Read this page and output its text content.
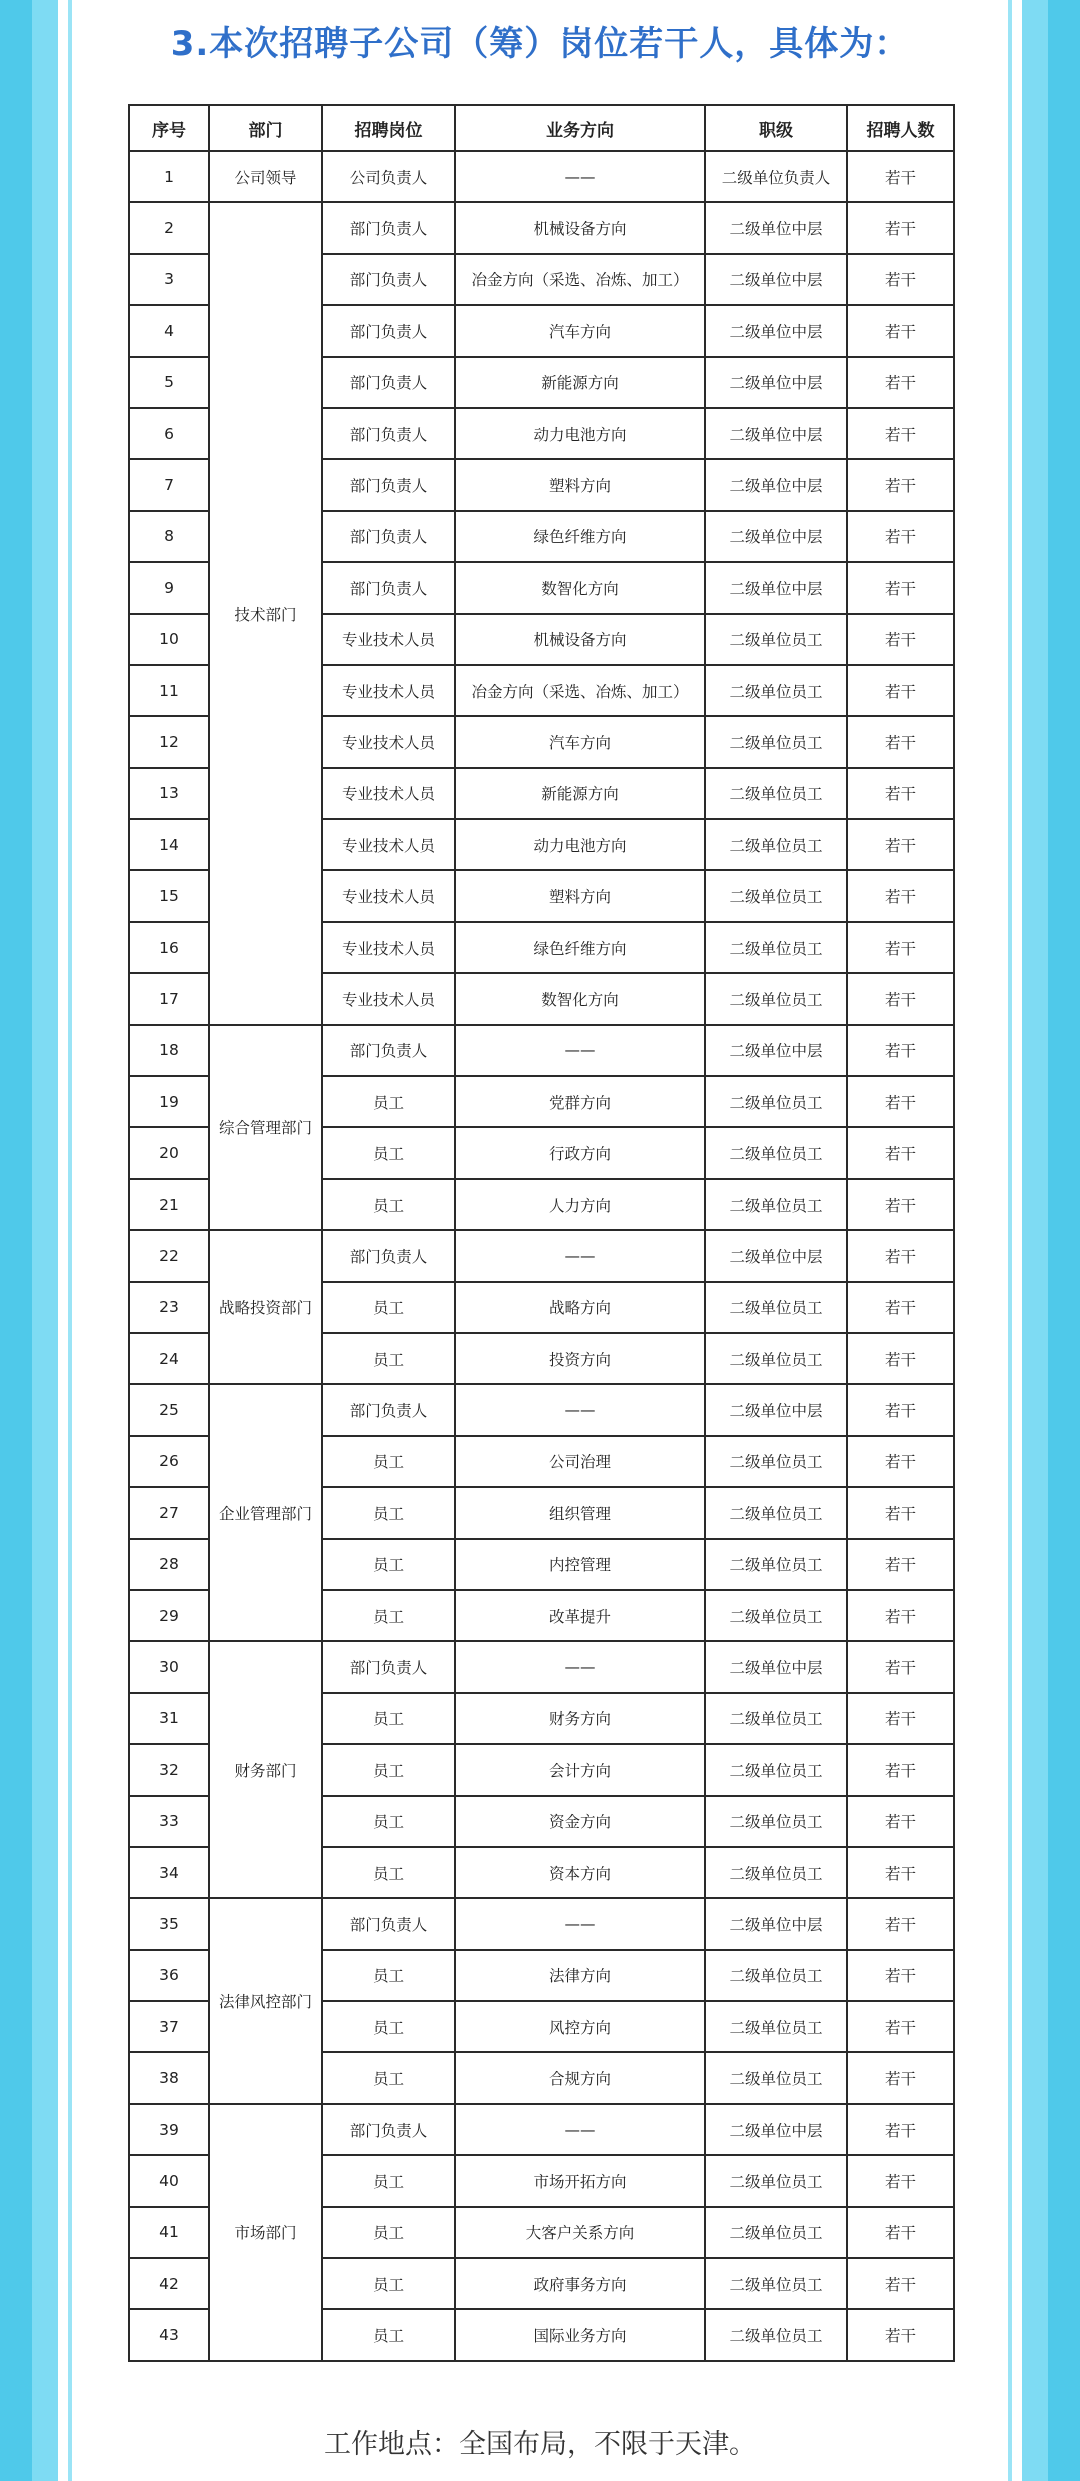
3.本次招聘子公司（筹）岗位若干人，具体为：
序号	部门	招聘岗位	业务方向	职级	招聘人数
1	公司领导	公司负责人	——	二级单位负责人	若干
2	技术部门	部门负责人	机械设备方向	二级单位中层	若干
3		部门负责人	冶金方向（采选、冶炼、加工）	二级单位中层	若干
4		部门负责人	汽车方向	二级单位中层	若干
5		部门负责人	新能源方向	二级单位中层	若干
6		部门负责人	动力电池方向	二级单位中层	若干
7		部门负责人	塑料方向	二级单位中层	若干
8		部门负责人	绿色纤维方向	二级单位中层	若干
9		部门负责人	数智化方向	二级单位中层	若干
10		专业技术人员	机械设备方向	二级单位员工	若干
11		专业技术人员	冶金方向（采选、冶炼、加工）	二级单位员工	若干
12		专业技术人员	汽车方向	二级单位员工	若干
13		专业技术人员	新能源方向	二级单位员工	若干
14		专业技术人员	动力电池方向	二级单位员工	若干
15		专业技术人员	塑料方向	二级单位员工	若干
16		专业技术人员	绿色纤维方向	二级单位员工	若干
17		专业技术人员	数智化方向	二级单位员工	若干
18	综合管理部门	部门负责人	——	二级单位中层	若干
19		员工	党群方向	二级单位员工	若干
20		员工	行政方向	二级单位员工	若干
21		员工	人力方向	二级单位员工	若干
22	战略投资部门	部门负责人	——	二级单位中层	若干
23		员工	战略方向	二级单位员工	若干
24		员工	投资方向	二级单位员工	若干
25	企业管理部门	部门负责人	——	二级单位中层	若干
26		员工	公司治理	二级单位员工	若干
27		员工	组织管理	二级单位员工	若干
28		员工	内控管理	二级单位员工	若干
29		员工	改革提升	二级单位员工	若干
30	财务部门	部门负责人	——	二级单位中层	若干
31		员工	财务方向	二级单位员工	若干
32		员工	会计方向	二级单位员工	若干
33		员工	资金方向	二级单位员工	若干
34		员工	资本方向	二级单位员工	若干
35	法律风控部门	部门负责人	——	二级单位中层	若干
36		员工	法律方向	二级单位员工	若干
37		员工	风控方向	二级单位员工	若干
38		员工	合规方向	二级单位员工	若干
39	市场部门	部门负责人	——	二级单位中层	若干
40		员工	市场开拓方向	二级单位员工	若干
41		员工	大客户关系方向	二级单位员工	若干
42		员工	政府事务方向	二级单位员工	若干
43		员工	国际业务方向	二级单位员工	若干
工作地点：全国布局，不限于天津。
